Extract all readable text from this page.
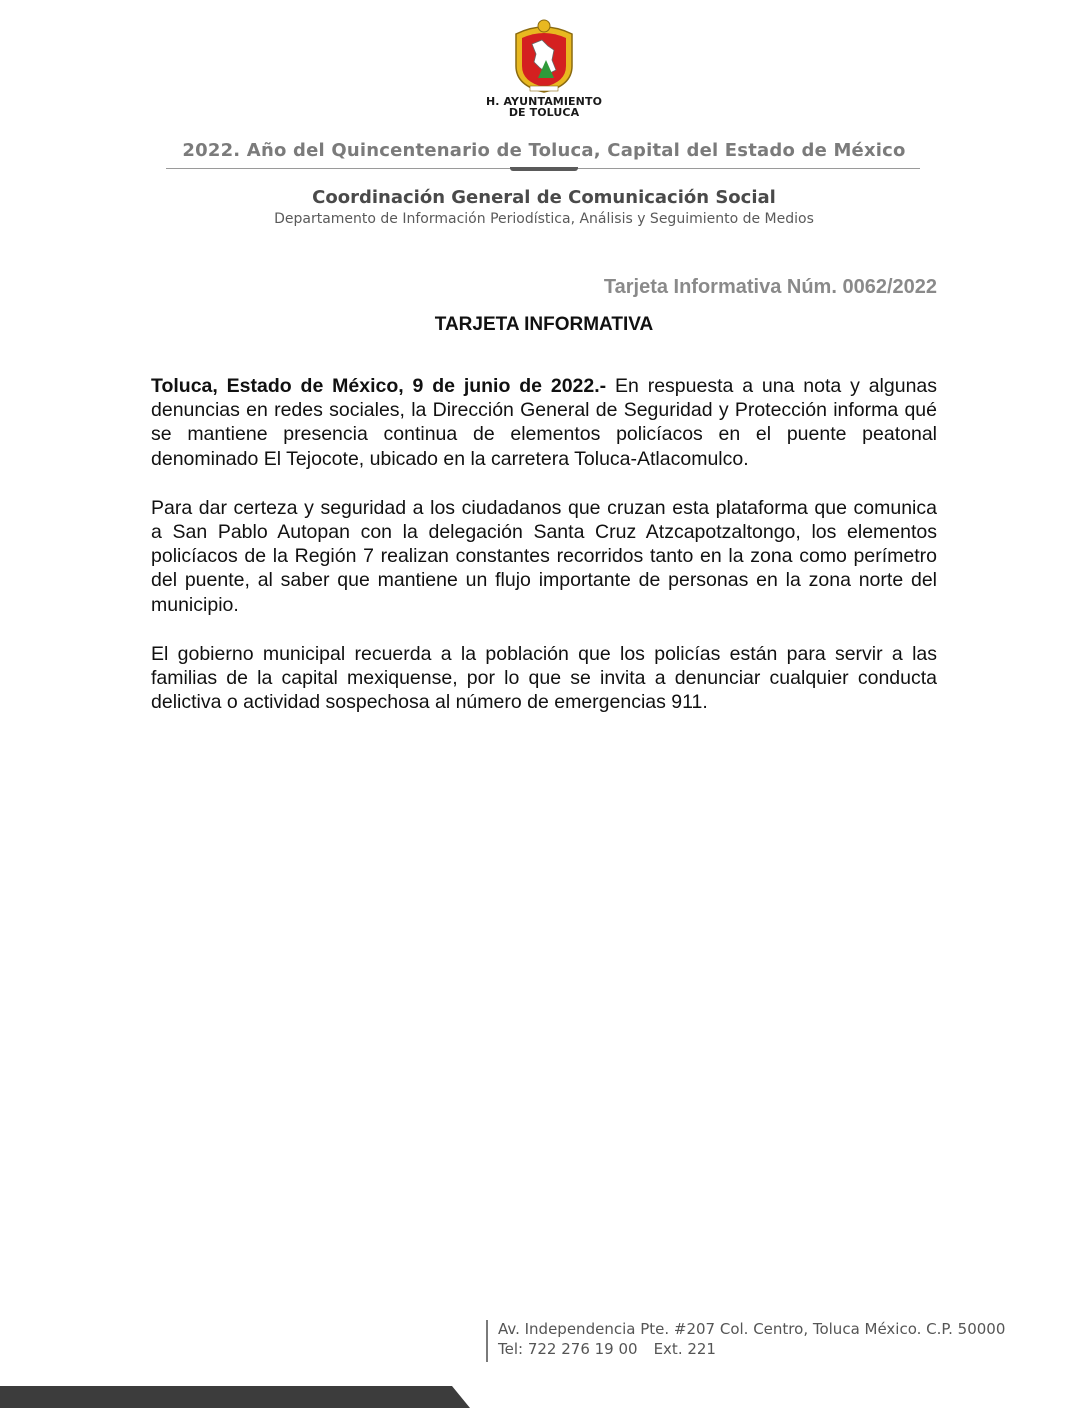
H. AYUNTAMIENTO
DE TOLUCA
2022. Año del Quincentenario de Toluca, Capital del Estado de México
Coordinación General de Comunicación Social
Departamento de Información Periodística, Análisis y Seguimiento de Medios
Tarjeta Informativa Núm. 0062/2022
TARJETA INFORMATIVA

Toluca, Estado de México, 9 de junio de 2022.- En respuesta a una nota y algunas denuncias en redes sociales, la Dirección General de Seguridad y Protección informa qué se mantiene presencia continua de elementos policíacos en el puente peatonal denominado El Tejocote, ubicado en la carretera Toluca-Atlacomulco.

Para dar certeza y seguridad a los ciudadanos que cruzan esta plataforma que comunica a San Pablo Autopan con la delegación Santa Cruz Atzcapotzaltongo, los elementos policíacos de la Región 7 realizan constantes recorridos tanto en la zona como perímetro del puente, al saber que mantiene un flujo importante de personas en la zona norte del municipio.

El gobierno municipal recuerda a la población que los policías están para servir a las familias de la capital mexiquense, por lo que se invita a denunciar cualquier conducta delictiva o actividad sospechosa al número de emergencias 911.

Av. Independencia Pte. #207 Col. Centro, Toluca México. C.P. 50000
Tel: 722 276 19 00 Ext. 221
